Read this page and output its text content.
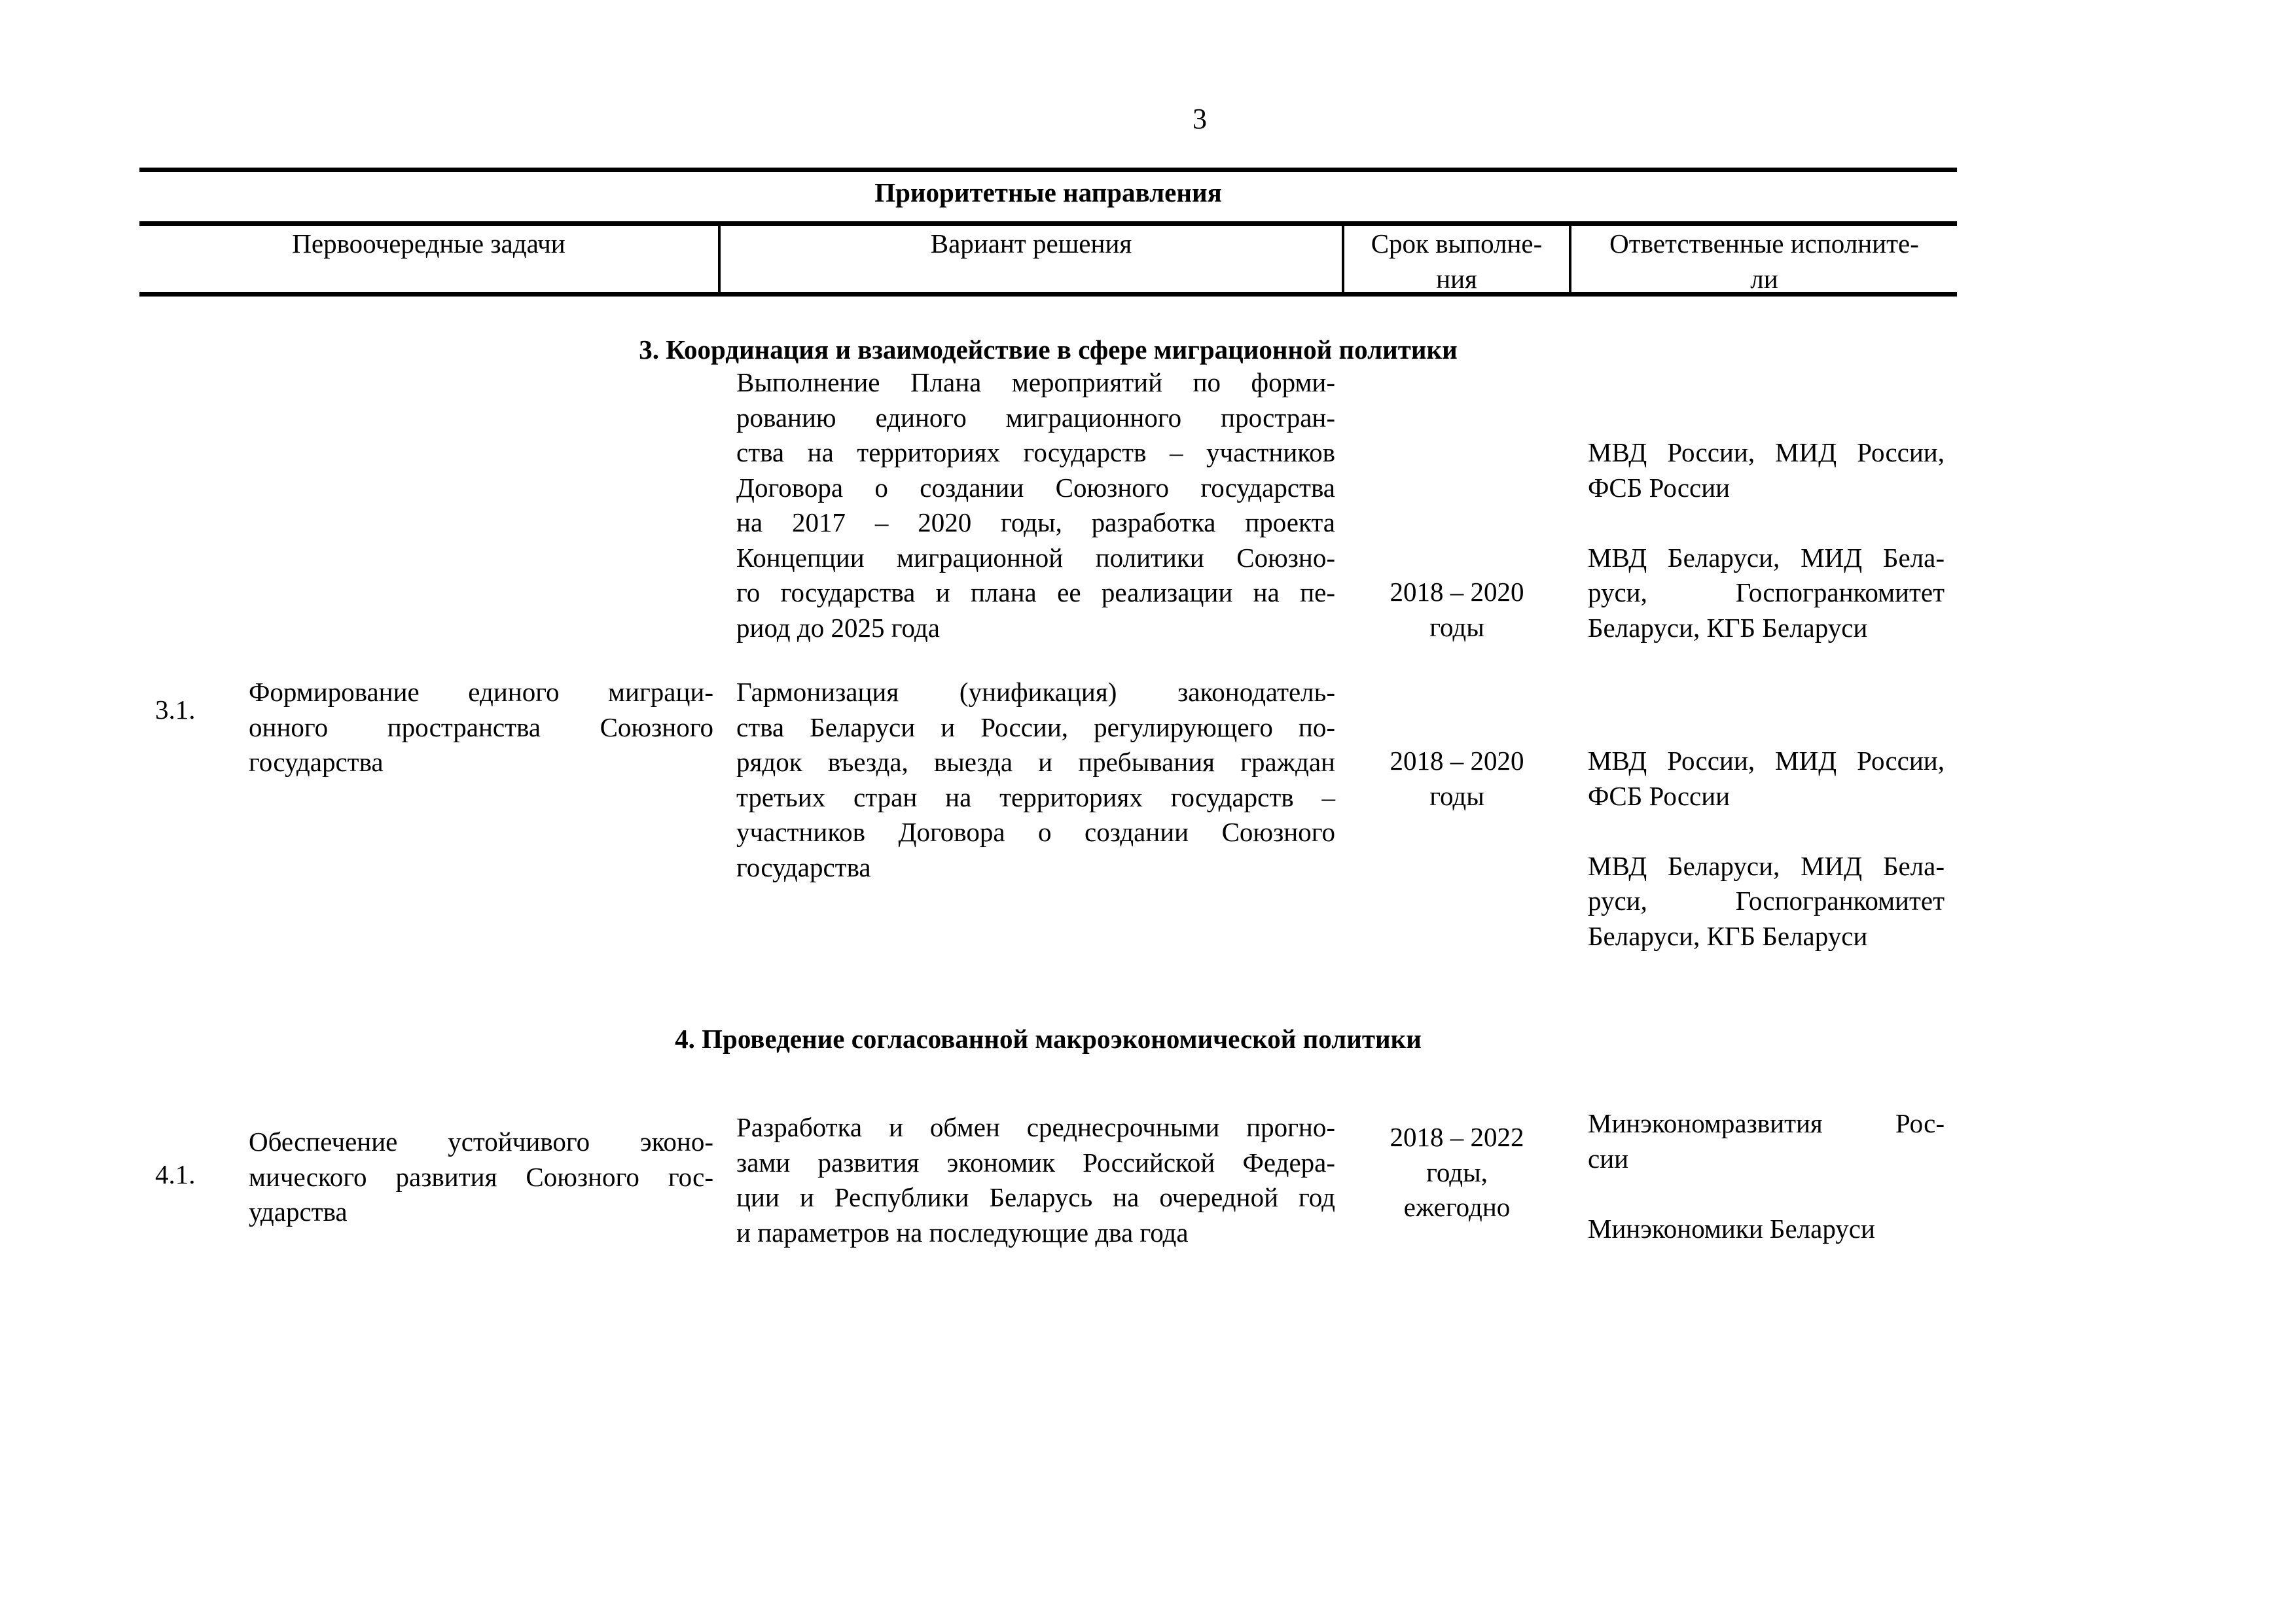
3
Приоритетные направления
Первоочередные задачи	Вариант решения	Срок выполне-
ния
Ответственные исполните-
ли
3. Координация и взаимодействие в сфере миграционной политики
Выполнение Плана мероприятий по форми-
рованию единого миграционного простран-
ства на территориях государств – участников
Договора о создании Союзного государства
на 2017 – 2020 годы, разработка проекта
Концепции миграционной политики Союзно-
го государства и плана ее реализации на пе-
риод до 2025 года
2018 – 2020
годы
МВД России, МИД России,
ФСБ России
МВД Беларуси, МИД Бела-
руси, Госпогранкомитет
Беларуси, КГБ Беларуси
3.1.
Формирование единого миграци-
онного пространства Союзного
государства
Гармонизация (унификация) законодатель-
ства Беларуси и России, регулирующего по-
рядок въезда, выезда и пребывания граждан
третьих стран на территориях государств –
участников Договора о создании Союзного
государства
2018 – 2020
годы
МВД России, МИД России,
ФСБ России
МВД Беларуси, МИД Бела-
руси, Госпогранкомитет
Беларуси, КГБ Беларуси
4. Проведение согласованной макроэкономической политики
4.1.
Обеспечение устойчивого эконо-
мического развития Союзного гос-
ударства
Разработка и обмен среднесрочными прогно-
зами развития экономик Российской Федера-
ции и Республики Беларусь на очередной год
и параметров на последующие два года
2018 – 2022
годы,
ежегодно
Минэкономразвития Рос-
сии
Минэкономики Беларуси
